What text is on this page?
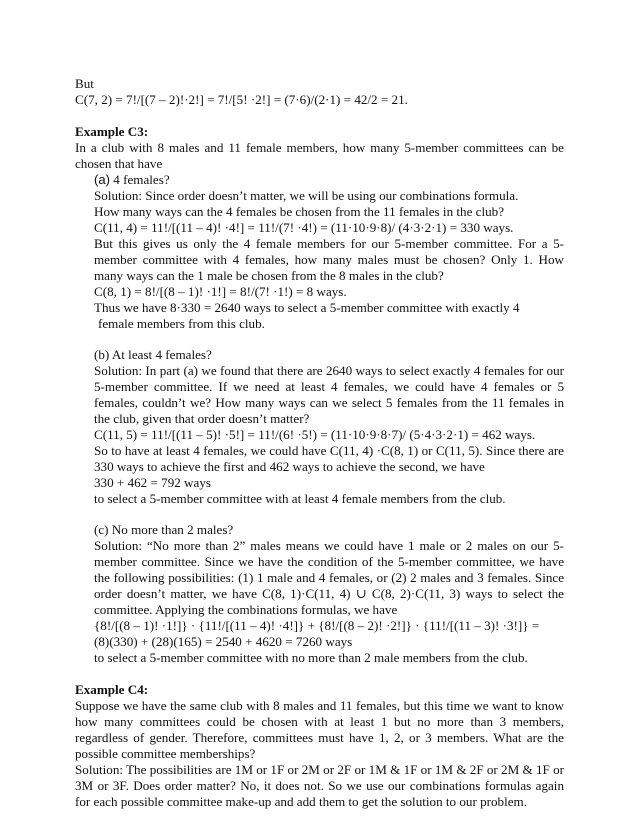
But

C(7, 2) = 7!/[(7 – 2)!·2!] = 7!/[5! ·2!] = (7·6)/(2·1) = 42/2 = 21.

Example C3:

In a club with 8 males and 11 female members, how many 5-member committees can be chosen that have

(a) 4 females?

Solution: Since order doesn’t matter, we will be using our combinations formula.

How many ways can the 4 females be chosen from the 11 females in the club?

C(11, 4) = 11!/[(11 – 4)! ·4!] = 11!/(7! ·4!) = (11·10·9·8)/ (4·3·2·1) = 330 ways.

But this gives us only the 4 female members for our 5-member committee. For a 5-member committee with 4 females, how many males must be chosen? Only 1. How many ways can the 1 male be chosen from the 8 males in the club?

C(8, 1) = 8!/[(8 – 1)! ·1!] = 8!/(7! ·1!) = 8 ways.

Thus we have 8·330 = 2640 ways to select a 5-member committee with exactly 4

female members from this club.

(b) At least 4 females?

Solution: In part (a) we found that there are 2640 ways to select exactly 4 females for our 5-member committee. If we need at least 4 females, we could have 4 females or 5 females, couldn’t we? How many ways can we select 5 females from the 11 females in the club, given that order doesn’t matter?

C(11, 5) = 11!/[(11 – 5)! ·5!] = 11!/(6! ·5!) = (11·10·9·8·7)/ (5·4·3·2·1) = 462 ways.

So to have at least 4 females, we could have C(11, 4) ·C(8, 1) or C(11, 5). Since there are 330 ways to achieve the first and 462 ways to achieve the second, we have

330 + 462 = 792 ways

to select a 5-member committee with at least 4 female members from the club.

(c) No more than 2 males?

Solution: “No more than 2” males means we could have 1 male or 2 males on our 5-member committee. Since we have the condition of the 5-member committee, we have the following possibilities: (1) 1 male and 4 females, or (2) 2 males and 3 females. Since order doesn’t matter, we have C(8, 1)·C(11, 4) ∪ C(8, 2)·C(11, 3) ways to select the committee. Applying the combinations formulas, we have

{8!/[(8 – 1)! ·1!]} · {11!/[(11 – 4)! ·4!]} + {8!/[(8 – 2)! ·2!]} · {11!/[(11 – 3)! ·3!]} =

(8)(330) + (28)(165) = 2540 + 4620 = 7260 ways

to select a 5-member committee with no more than 2 male members from the club.

Example C4:

Suppose we have the same club with 8 males and 11 females, but this time we want to know how many committees could be chosen with at least 1 but no more than 3 members, regardless of gender. Therefore, committees must have 1, 2, or 3 members. What are the possible committee memberships?

Solution: The possibilities are 1M or 1F or 2M or 2F or 1M & 1F or 1M & 2F or 2M & 1F or 3M or 3F. Does order matter? No, it does not. So we use our combinations formulas again for each possible committee make-up and add them to get the solution to our problem.
